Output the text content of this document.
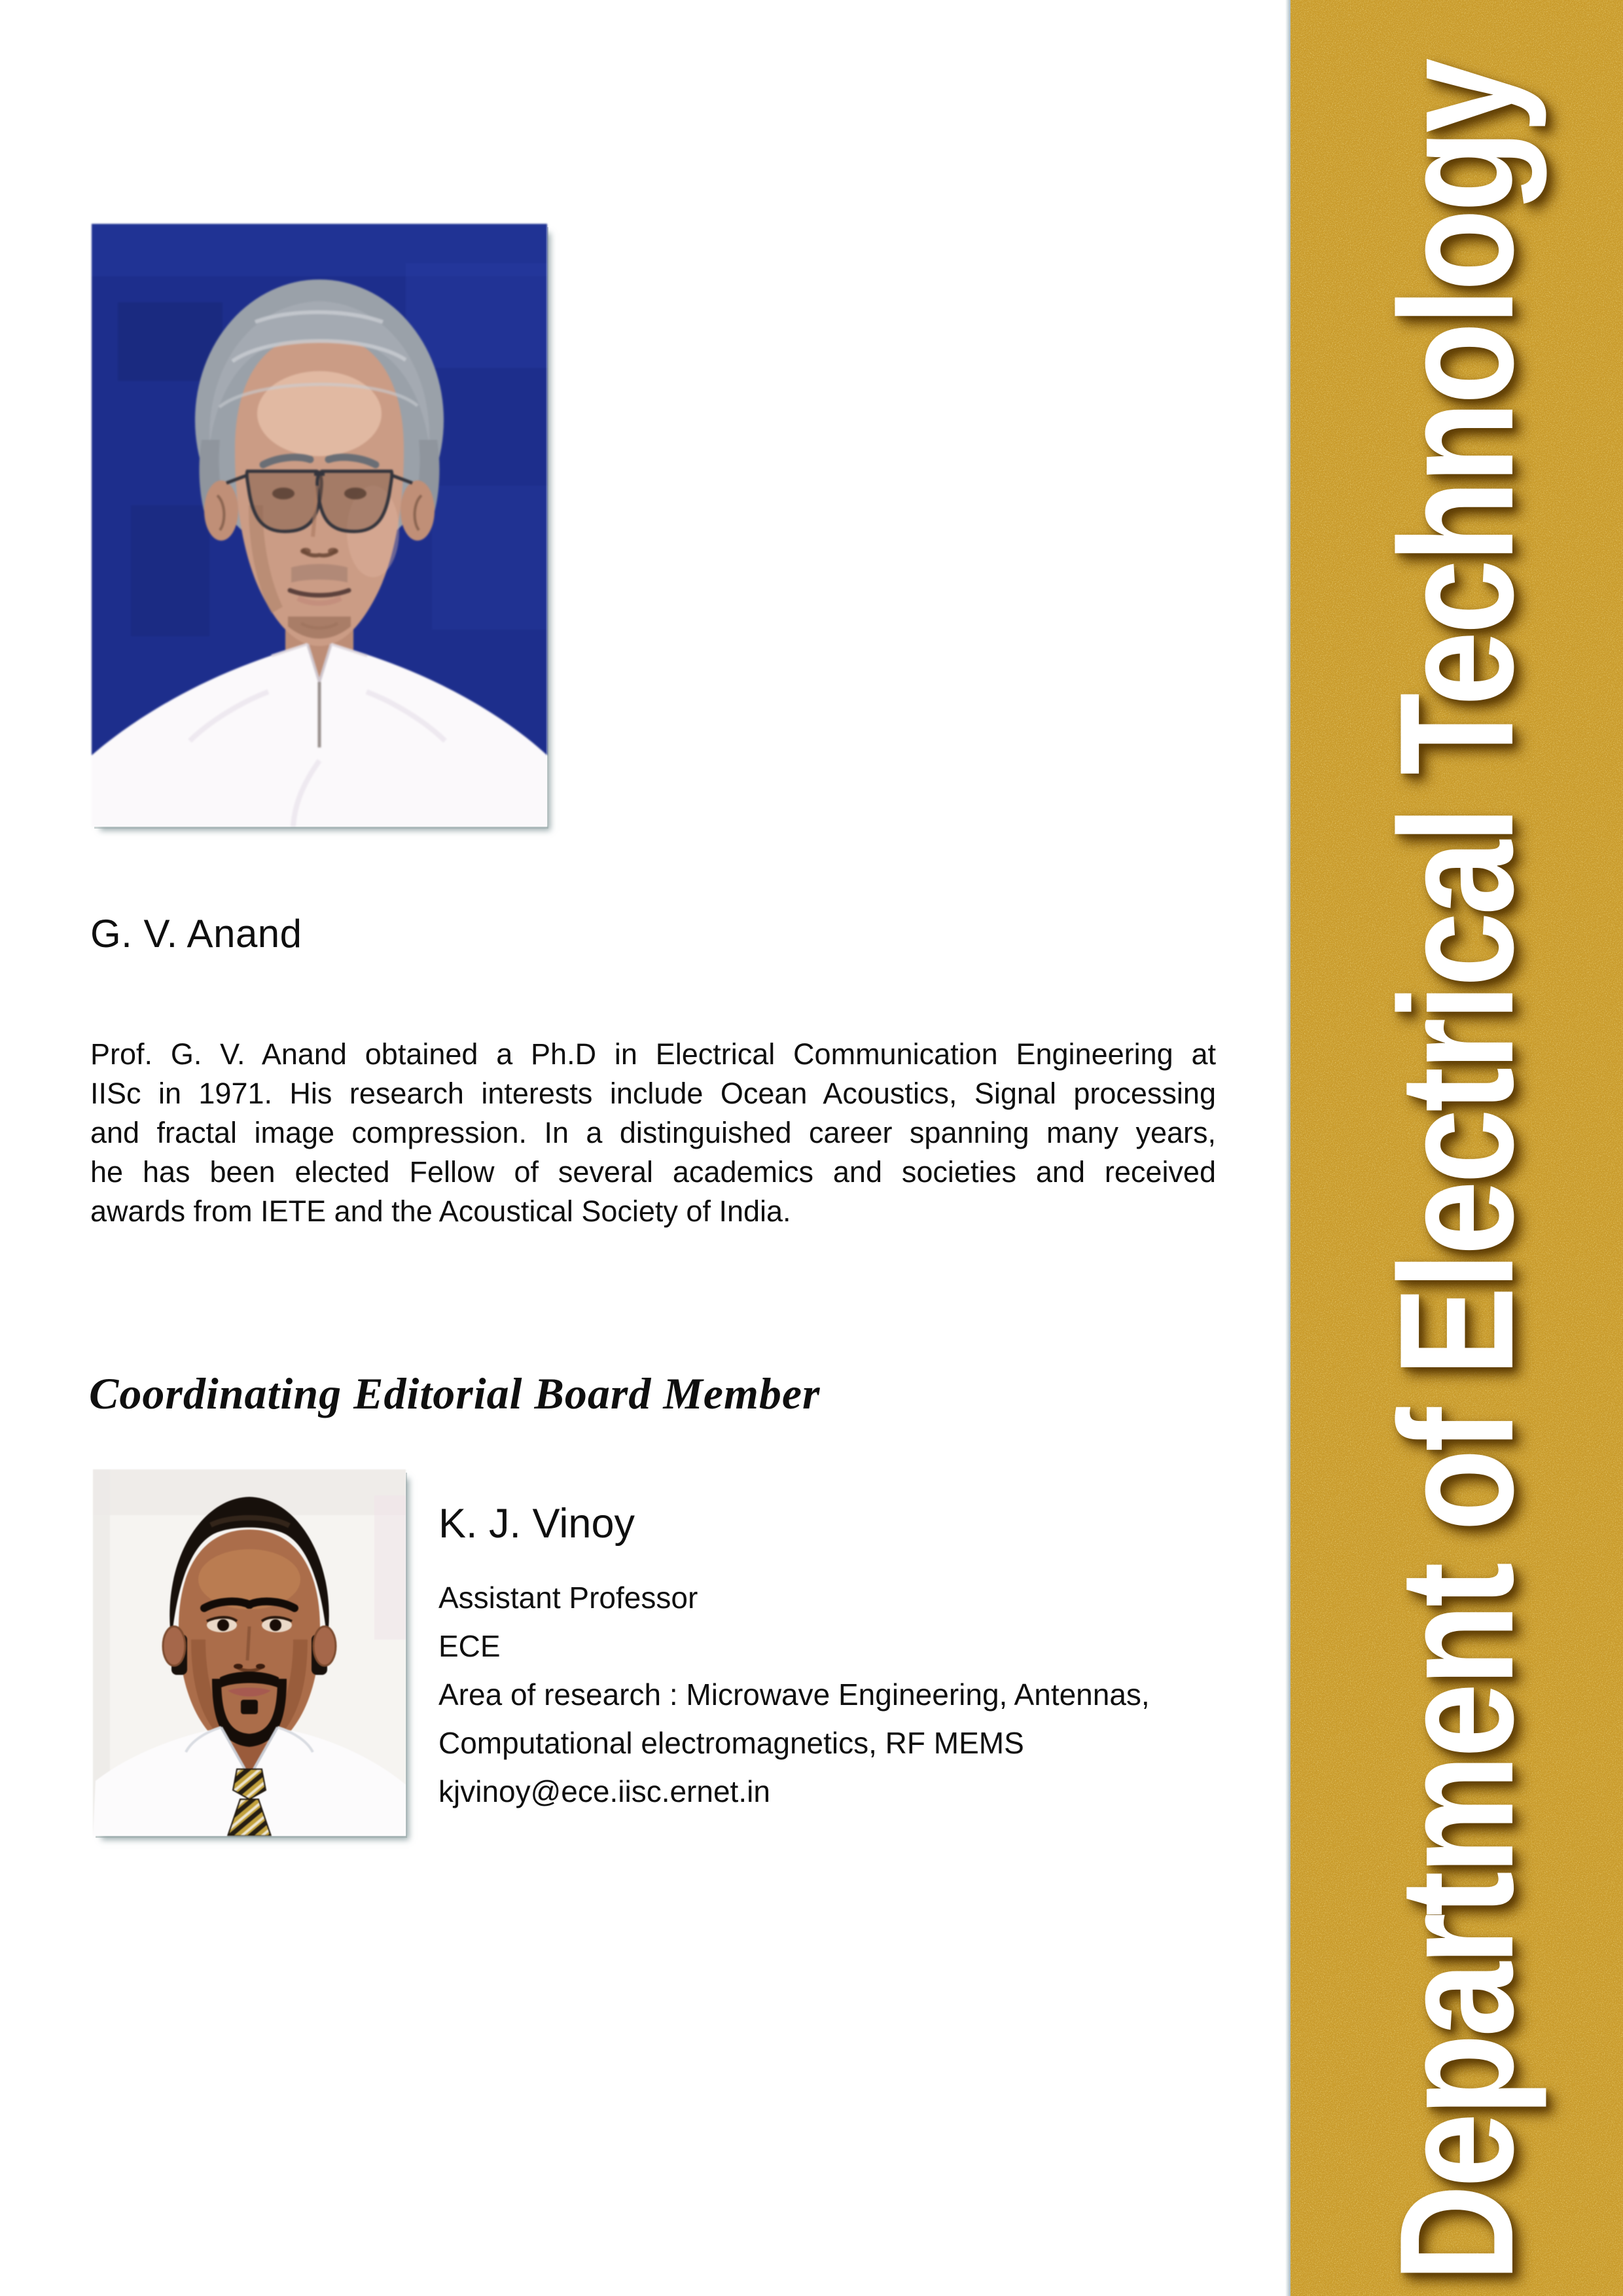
G. V. Anand
Prof. G. V. Anand obtained a Ph.D in Electrical Communication Engineering at
IISc in 1971. His research interests include Ocean Acoustics, Signal processing
and fractal image compression. In a distinguished career spanning many years,
he has been elected Fellow of several academics and societies and received
awards from IETE and the Acoustical Society of India.
Coordinating Editorial Board Member
K. J. Vinoy
Assistant Professor
ECE
Area of research : Microwave Engineering, Antennas,
Computational electromagnetics, RF MEMS
kjvinoy@ece.iisc.ernet.in	Department of Electrical Technology
